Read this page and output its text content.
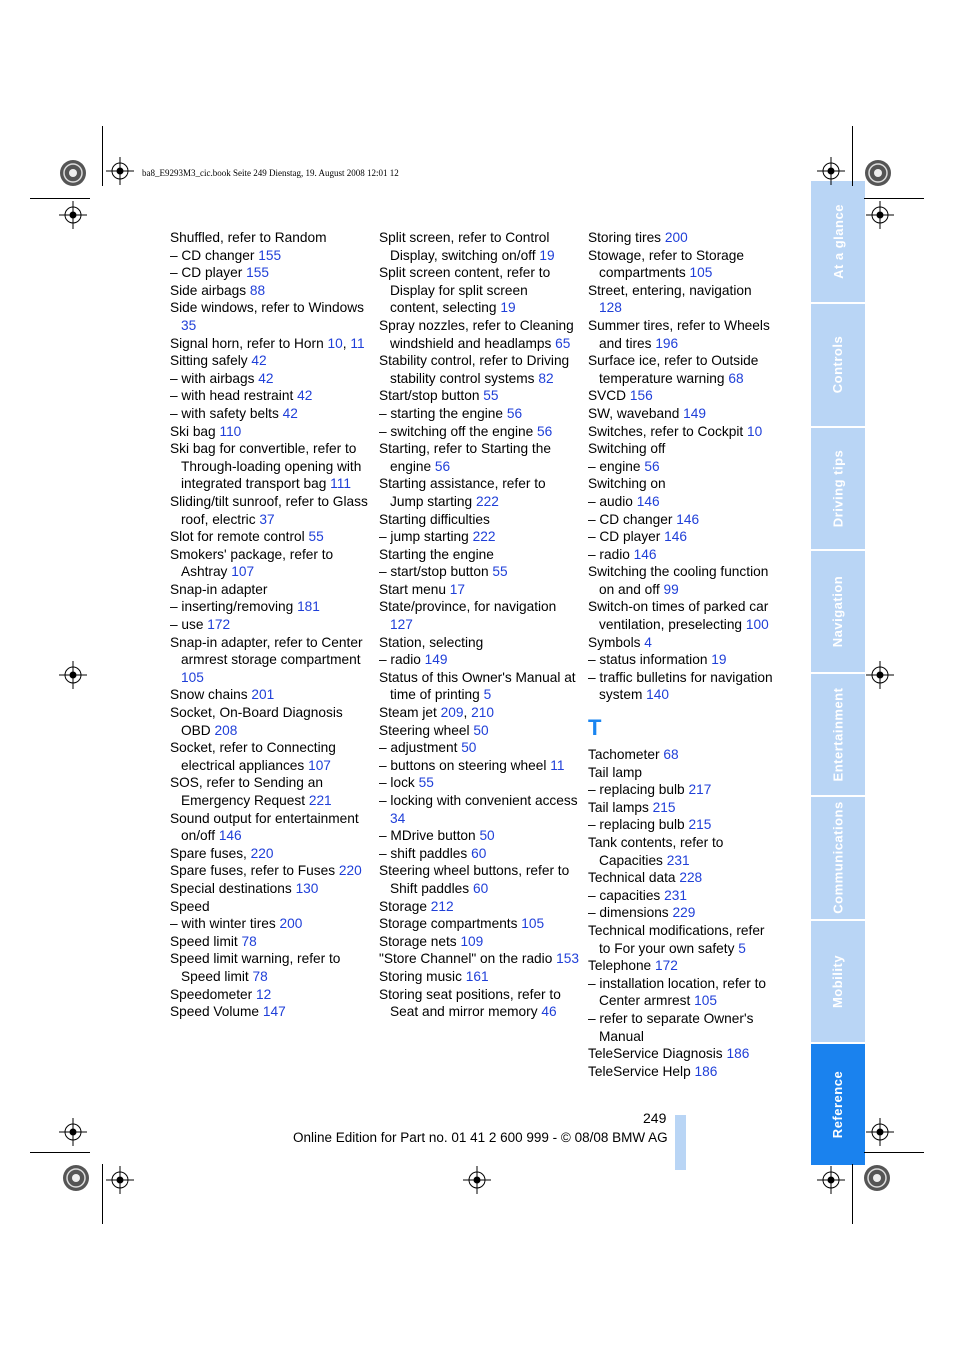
ba8_E9293M3_cic.book Seite 249 Dienstag, 19. August 2008 12:01 12

Shuffled, refer to Random

– CD changer 155

– CD player 155

Side airbags 88

Side windows, refer to Windows 35

Signal horn, refer to Horn 10, 11

Sitting safely 42

– with airbags 42

– with head restraint 42

– with safety belts 42

Ski bag 110

Ski bag for convertible, refer to Through-loading opening with integrated transport bag 111

Sliding/tilt sunroof, refer to Glass roof, electric 37

Slot for remote control 55

Smokers' package, refer to Ashtray 107

Snap-in adapter

– inserting/removing 181

– use 172

Snap-in adapter, refer to Center armrest storage compartment 105

Snow chains 201

Socket, On-Board Diagnosis OBD 208

Socket, refer to Connecting electrical appliances 107

SOS, refer to Sending an Emergency Request 221

Sound output for entertainment on/off 146

Spare fuses, 220

Spare fuses, refer to Fuses 220

Special destinations 130

Speed

– with winter tires 200

Speed limit 78

Speed limit warning, refer to Speed limit 78

Speedometer 12

Speed Volume 147

Split screen, refer to Control Display, switching on/off 19

Split screen content, refer to Display for split screen content, selecting 19

Spray nozzles, refer to Cleaning windshield and headlamps 65

Stability control, refer to Driving stability control systems 82

Start/stop button 55

– starting the engine 56

– switching off the engine 56

Starting, refer to Starting the engine 56

Starting assistance, refer to Jump starting 222

Starting difficulties

– jump starting 222

Starting the engine

– start/stop button 55

Start menu 17

State/province, for navigation 127

Station, selecting

– radio 149

Status of this Owner's Manual at time of printing 5

Steam jet 209, 210

Steering wheel 50

– adjustment 50

– buttons on steering wheel 11

– lock 55

– locking with convenient access 34

– MDrive button 50

– shift paddles 60

Steering wheel buttons, refer to Shift paddles 60

Storage 212

Storage compartments 105

Storage nets 109

"Store Channel" on the radio 153

Storing music 161

Storing seat positions, refer to Seat and mirror memory 46

Storing tires 200

Stowage, refer to Storage compartments 105

Street, entering, navigation 128

Summer tires, refer to Wheels and tires 196

Surface ice, refer to Outside temperature warning 68

SVCD 156

SW, waveband 149

Switches, refer to Cockpit 10

Switching off

– engine 56

Switching on

– audio 146

– CD changer 146

– CD player 146

– radio 146

Switching the cooling function on and off 99

Switch-on times of parked car ventilation, preselecting 100

Symbols 4

– status information 19

– traffic bulletins for navigation system 140

T

Tachometer 68

Tail lamp

– replacing bulb 217

Tail lamps 215

– replacing bulb 215

Tank contents, refer to Capacities 231

Technical data 228

– capacities 231

– dimensions 229

Technical modifications, refer to For your own safety 5

Telephone 172

– installation location, refer to Center armrest 105

– refer to separate Owner's Manual

TeleService Diagnosis 186

TeleService Help 186

At a glance
Controls
Driving tips
Navigation
Entertainment
Communications
Mobility
Reference
249
Online Edition for Part no. 01 41 2 600 999 - © 08/08 BMW AG
